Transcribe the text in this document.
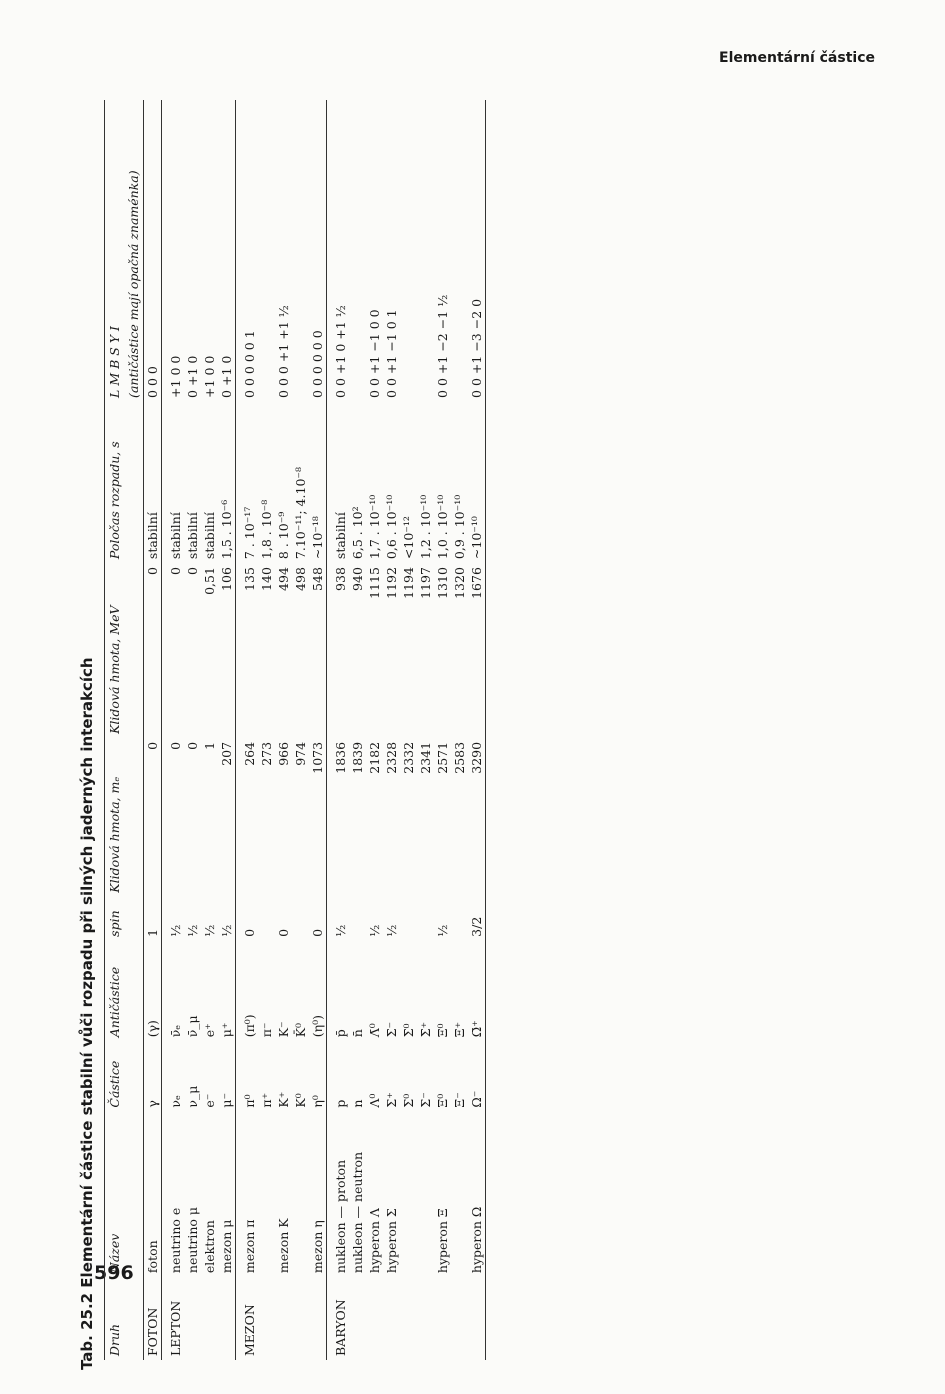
Elementární částice
596
Tab. 25.2 Elementární částice stabilní vůči rozpadu při silných jaderných interakcích Druh	Název	Částice	Antičástice	spin	Klidová hmota, mₑ	Klidová hmota, MeV	Poločas rozpadu, s	L M B S Y I
								(antičástice mají opačná znaménka)
FOTON	foton	γ	(γ)	1	0	0	stabilní	0 0 0
LEPTON	neutrino e	νₑ	ν̄ₑ	½	0	0	stabilní	+1 0 0
	neutrino μ	ν_μ	ν̄_μ	½	0	0	stabilní	0 +1 0
	elektron	e⁻	e⁺	½	1	0,51	stabilní	+1 0 0
	mezon μ	μ⁻	μ⁺	½	207	106	1,5 . 10⁻⁶	0 +1 0
MEZON	mezon π	π⁰	(π⁰)	0	264	135	7 . 10⁻¹⁷	0 0 0 0 0 1
		π⁺	π⁻		273	140	1,8 . 10⁻⁸	
	mezon K	K⁺	K⁻	0	966	494	8 . 10⁻⁹	0 0 0 +1 +1 ½
		K⁰	K̄⁰		974	498	7.10⁻¹¹; 4.10⁻⁸	
	mezon η	η⁰	(η⁰)	0	1073	548	~10⁻¹⁸	0 0 0 0 0 0
BARYON	nukleon — proton	p	p̄	½	1836	938	stabilní	0 0 +1 0 +1 ½
	nukleon — neutron	n	n̄		1839	940	6,5 . 10²	
	hyperon Λ	Λ⁰	Λ̄⁰	½	2182	1115	1,7 . 10⁻¹⁰	0 0 +1 −1 0 0
	hyperon Σ	Σ⁺	Σ̄⁻	½	2328	1192	0,6 . 10⁻¹⁰	0 0 +1 −1 0 1
		Σ⁰	Σ̄⁰		2332	1194	<10⁻¹²	
		Σ⁻	Σ̄⁺		2341	1197	1,2 . 10⁻¹⁰	
	hyperon Ξ	Ξ⁰	Ξ̄⁰	½	2571	1310	1,0 . 10⁻¹⁰	0 0 +1 −2 −1 ½
		Ξ⁻	Ξ̄⁺		2583	1320	0,9 . 10⁻¹⁰	
	hyperon Ω	Ω⁻	Ω̄⁺	3/2	3290	1676	~10⁻¹⁰	0 0 +1 −3 −2 0
